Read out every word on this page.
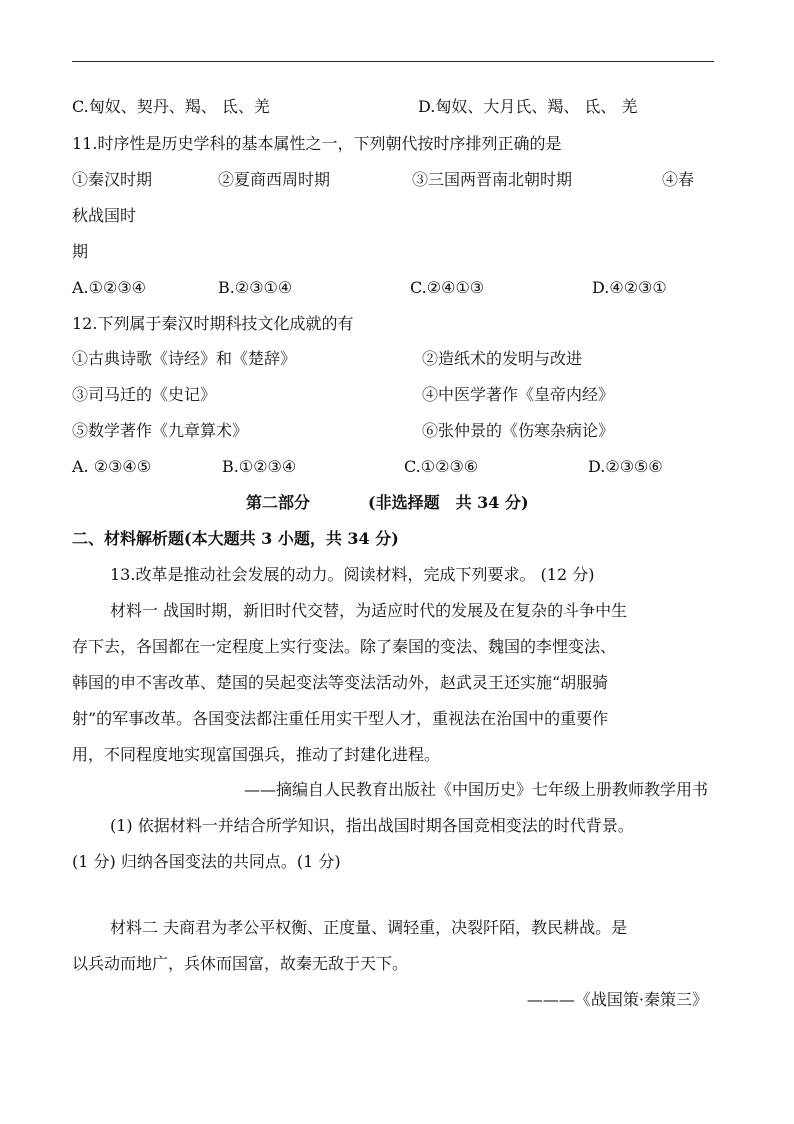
C.匈奴、契丹、羯、 氐、羌	D.匈奴、大月氏、羯、 氐、 羌
11.时序性是历史学科的基本属性之一，下列朝代按时序排列正确的是
①秦汉时期	②夏商西周时期	③三国两晋南北朝时期	④春
秋战国时
期
A.①②③④	B.②③①④	C.②④①③	D.④②③①
12.下列属于秦汉时期科技文化成就的有
①古典诗歌《诗经》和《楚辞》	②造纸术的发明与改进
③司马迁的《史记》	④中医学著作《皇帝内经》
⑤数学著作《九章算术》	⑥张仲景的《伤寒杂病论》
A. ②③④⑤	B.①②③④	C.①②③⑥	D.②③⑤⑥
第二部分	(非选择题　共 34 分)
二、材料解析题(本大题共 3 小题，共 34 分)
13.改革是推动社会发展的动力。阅读材料，完成下列要求。 (12 分)
材料一 战国时期，新旧时代交替，为适应时代的发展及在复杂的斗争中生
存下去，各国都在一定程度上实行变法。除了秦国的变法、魏国的李悝变法、
韩国的申不害改革、楚国的吴起变法等变法活动外，赵武灵王还实施“胡服骑
射”的军事改革。各国变法都注重任用实干型人才，重视法在治国中的重要作
用，不同程度地实现富国强兵，推动了封建化进程。
——摘编自人民教育出版社《中国历史》七年级上册教师教学用书
(1) 依据材料一并结合所学知识，指出战国时期各国竞相变法的时代背景。
(1 分) 归纳各国变法的共同点。(1 分)
材料二 夫商君为孝公平权衡、正度量、调轻重，决裂阡陌，教民耕战。是
以兵动而地广，兵休而国富，故秦无敌于天下。
———《战国策·秦策三》
